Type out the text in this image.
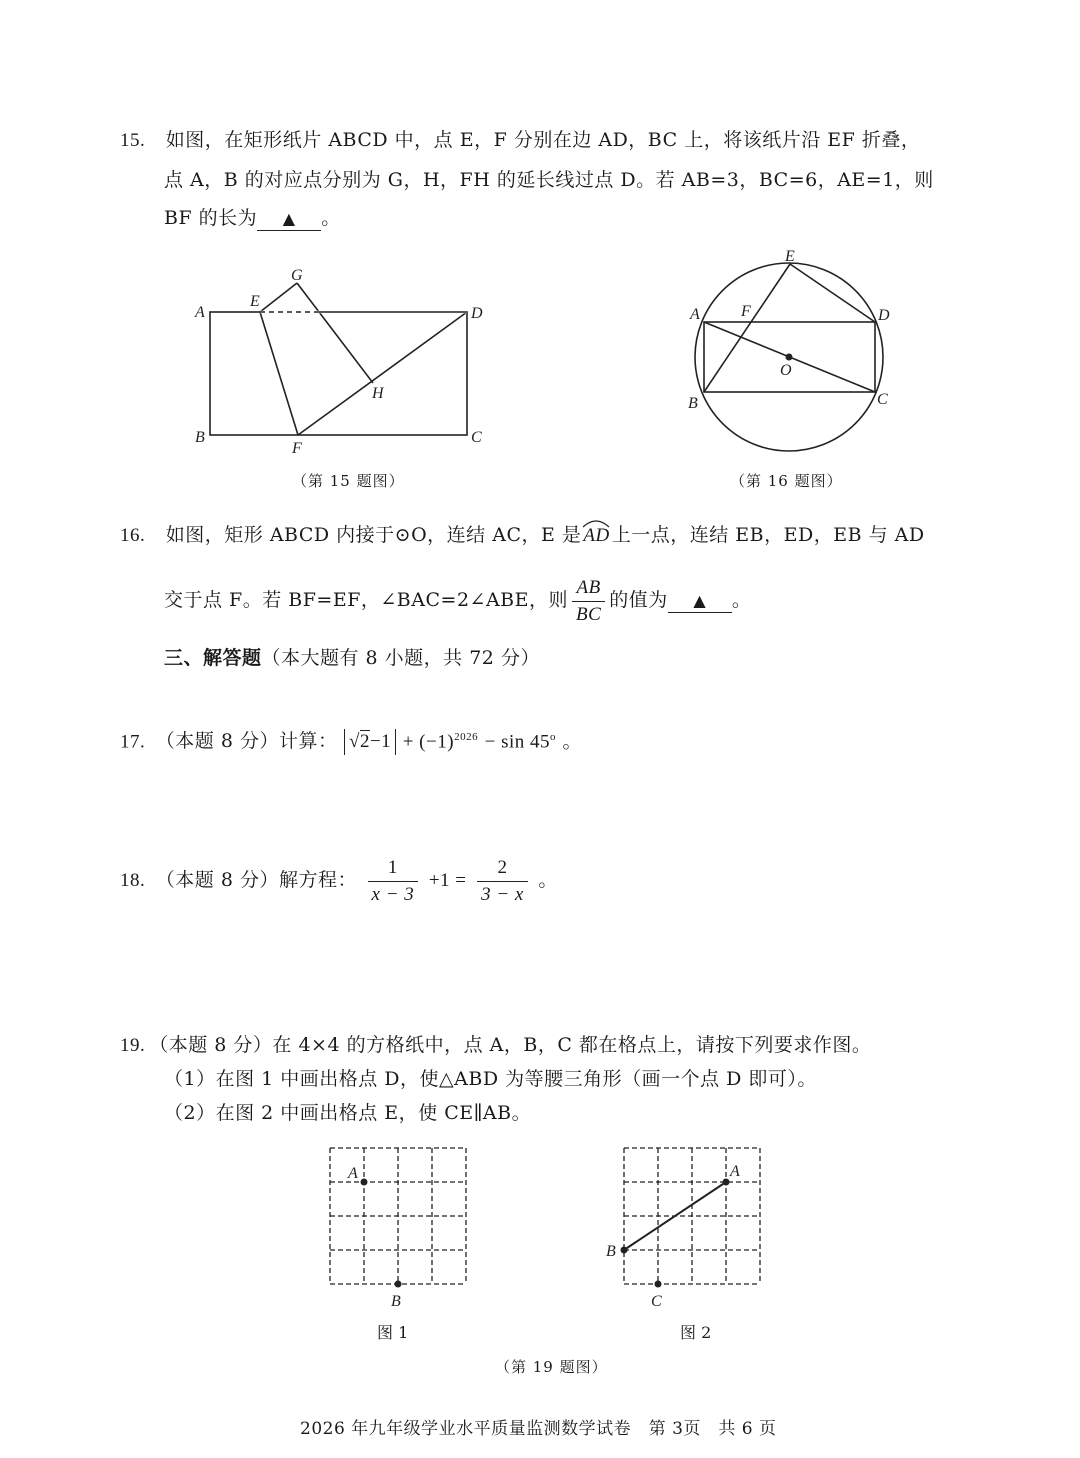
15. 如图，在矩形纸片 ABCD 中，点 E，F 分别在边 AD，BC 上，将该纸片沿 EF 折叠，
点 A，B 的对应点分别为 G，H，FH 的延长线过点 D。若 AB=3，BC=6，AE=1，则
BF 的长为 ▲ 。
A
B	C
D
E
F
G
H
（第 15 题图）
E
A	F	D
O
B	C
（第 16 题图）
16. 如图，矩形 ABCD 内接于⊙O，连结 AC，E 是 AD 上一点，连结 EB，ED，EB 与 AD
交于点 F。若 BF=EF，∠BAC=2∠ABE，则 $\frac{AB}{BC}$ 的值为 ▲ 。
三、解答题（本大题有 8 小题，共 72 分）
17. （本题 8 分）计算： $√2-1 + (-1)^{2026} - \sin 45^o$ 。
18. （本题 8 分）解方程： $\frac{1}{x - 3} +1 = \frac{2}{3 - x}$ 。
19. （本题 8 分）在 4×4 的方格纸中，点 A，B，C 都在格点上，请按下列要求作图。
（1）在图 1 中画出格点 D，使△ABD 为等腰三角形（画一个点 D 即可）。
（2）在图 2 中画出格点 E，使 CE∥AB。
A
B
图 1
A
B
C
图 2
（第 19 题图）
2026 年九年级学业水平质量监测数学试卷　第 3页　共 6 页
